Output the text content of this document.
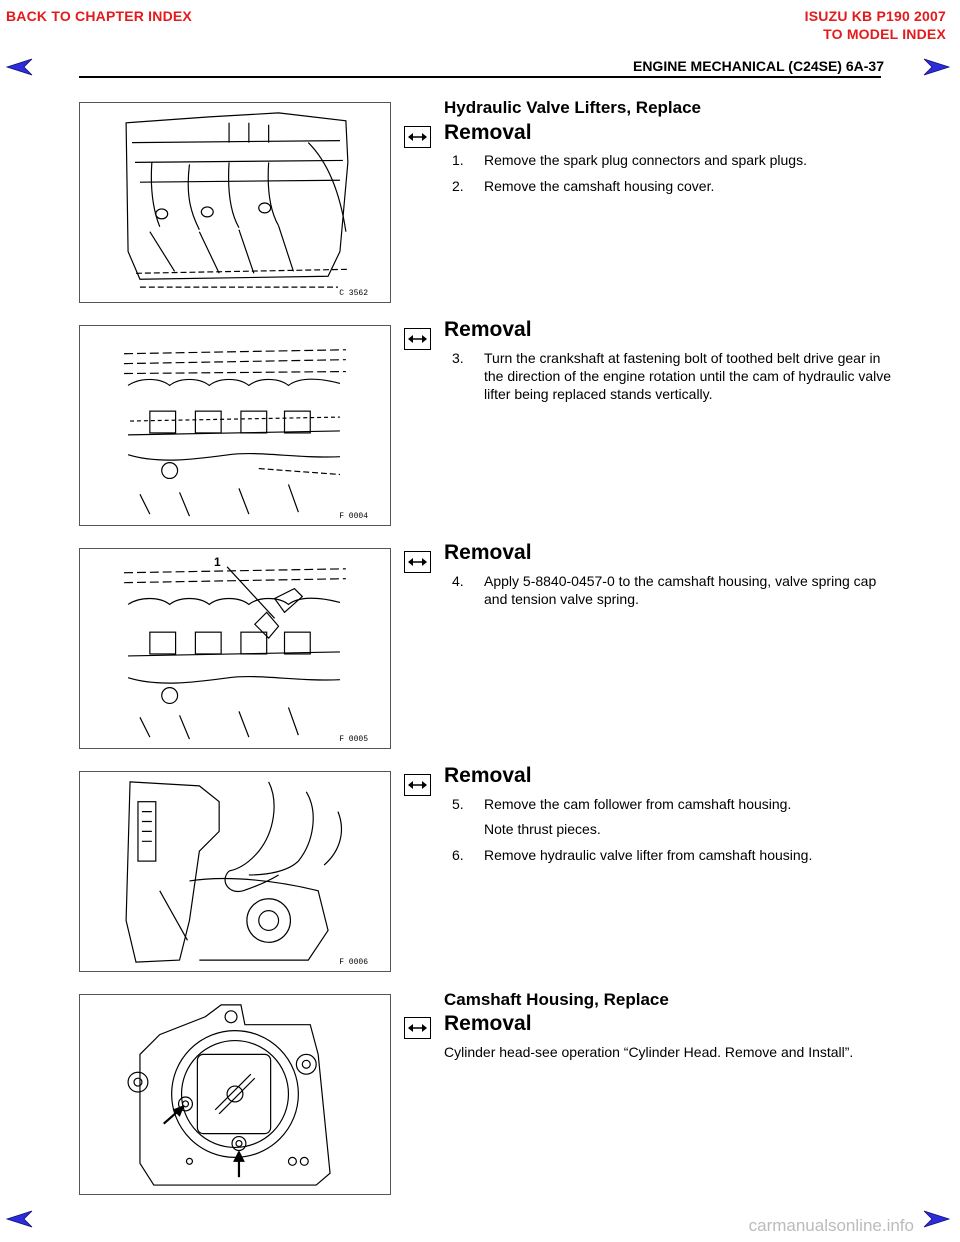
BACK TO CHAPTER INDEX	ISUZU KB P190 2007
TO MODEL INDEX
ENGINE MECHANICAL (C24SE) 6A-37
C 3562
Hydraulic Valve Lifters, Replace
Removal
1. Remove the spark plug connectors and spark plugs.
2. Remove the camshaft housing cover.
F 0004
Removal
3. Turn the crankshaft at fastening bolt of toothed belt drive gear in the direction of the engine rotation until the cam of hydraulic valve lifter being replaced stands vertically.
1
F 0005
Removal
4. Apply 5-8840-0457-0 to the camshaft housing, valve spring cap and tension valve spring.
F 0006
Removal
5. Remove the cam follower from camshaft housing.
Note thrust pieces.
6. Remove hydraulic valve lifter from camshaft housing.
Camshaft Housing, Replace
Removal
Cylinder head-see operation “Cylinder Head. Remove and Install”.
carmanualsonline.info
